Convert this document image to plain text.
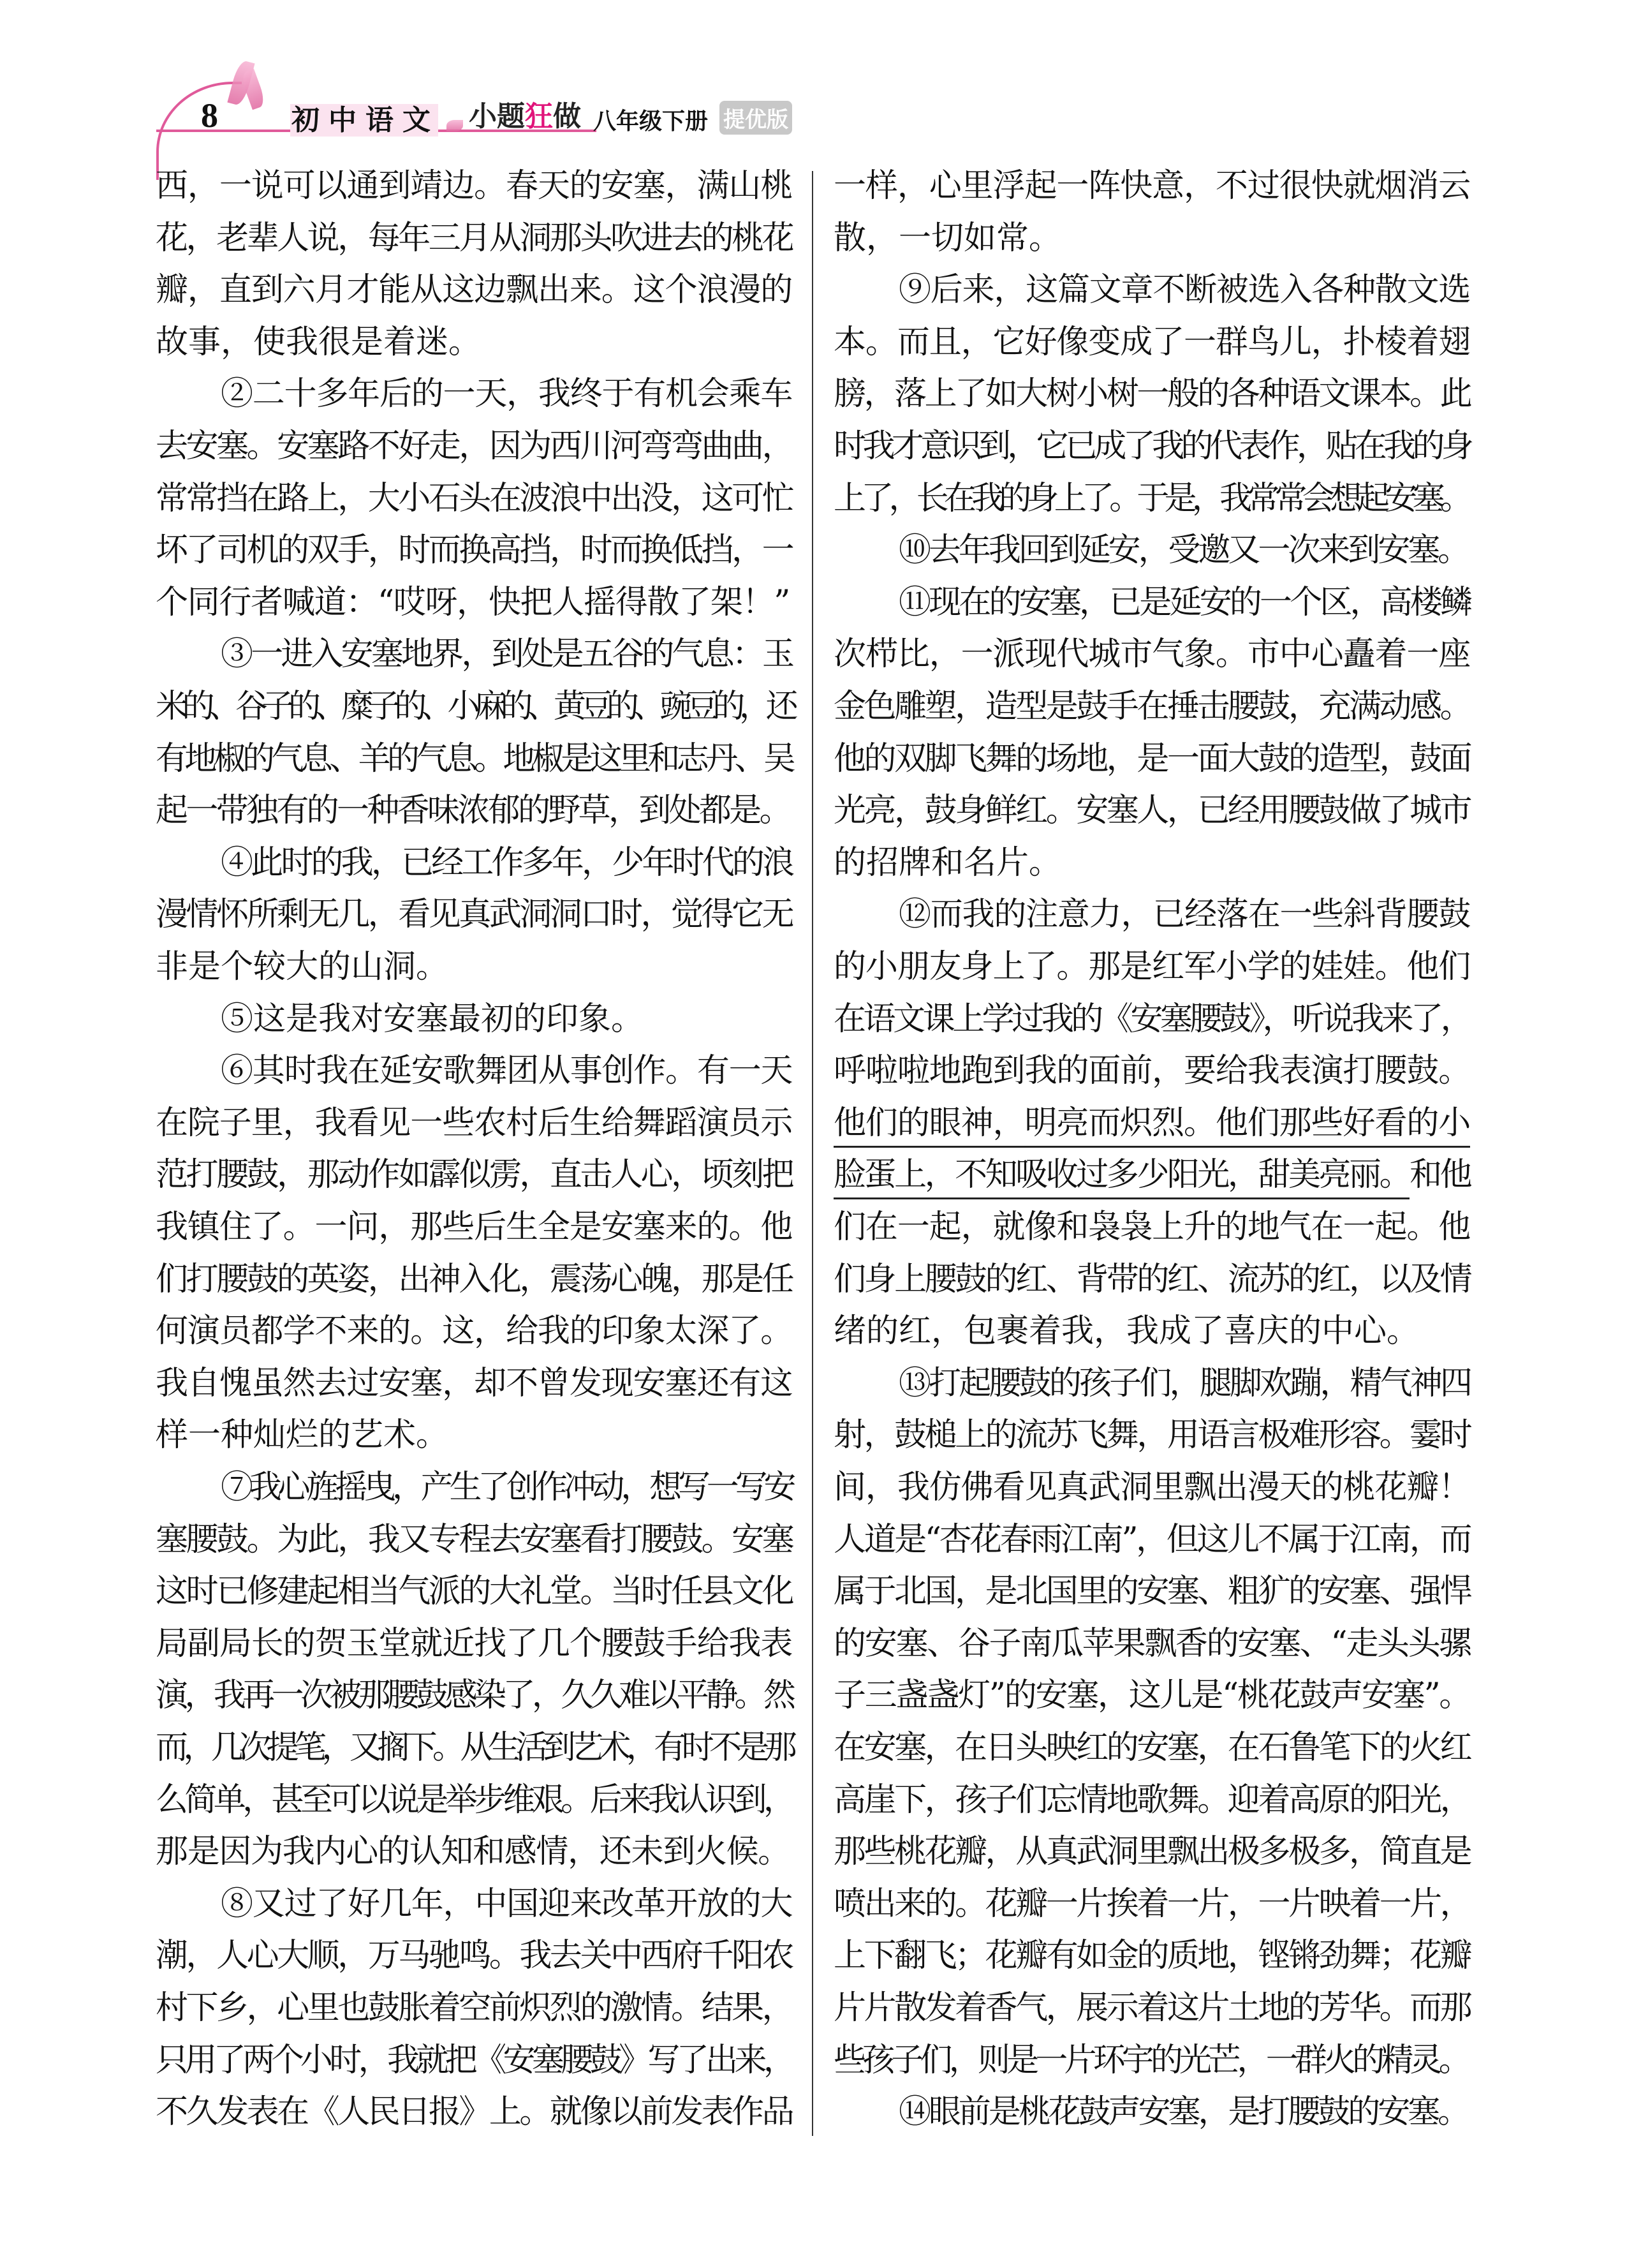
8	初中语文 小题狂做 八年级下册 提优版
西，一说可以通到靖边。春天的安塞，满山桃
花，老辈人说，每年三月从洞那头吹进去的桃花
瓣，直到六月才能从这边飘出来。这个浪漫的
故事，使我很是着迷。
②二十多年后的一天，我终于有机会乘车
去安塞。安塞路不好走，因为西川河弯弯曲曲，
常常挡在路上，大小石头在波浪中出没，这可忙
坏了司机的双手，时而换高挡，时而换低挡，一
个同行者喊道：“哎呀，快把人摇得散了架！”
③一进入安塞地界，到处是五谷的气息：玉
米的、谷子的、糜子的、小麻的、黄豆的、豌豆的，还
有地椒的气息、羊的气息。地椒是这里和志丹、吴
起一带独有的一种香味浓郁的野草，到处都是。
④此时的我，已经工作多年，少年时代的浪
漫情怀所剩无几，看见真武洞洞口时，觉得它无
非是个较大的山洞。
⑤这是我对安塞最初的印象。
⑥其时我在延安歌舞团从事创作。有一天
在院子里，我看见一些农村后生给舞蹈演员示
范打腰鼓，那动作如霹似雳，直击人心，顷刻把
我镇住了。一问，那些后生全是安塞来的。他
们打腰鼓的英姿，出神入化，震荡心魄，那是任
何演员都学不来的。这，给我的印象太深了。
我自愧虽然去过安塞，却不曾发现安塞还有这
样一种灿烂的艺术。
⑦我心旌摇曳，产生了创作冲动，想写一写安
塞腰鼓。为此，我又专程去安塞看打腰鼓。安塞
这时已修建起相当气派的大礼堂。当时任县文化
局副局长的贺玉堂就近找了几个腰鼓手给我表
演，我再一次被那腰鼓感染了，久久难以平静。然
而，几次提笔，又搁下。从生活到艺术，有时不是那
么简单，甚至可以说是举步维艰。后来我认识到，
那是因为我内心的认知和感情，还未到火候。
⑧又过了好几年，中国迎来改革开放的大
潮，人心大顺，万马驰鸣。我去关中西府千阳农
村下乡，心里也鼓胀着空前炽烈的激情。结果，
只用了两个小时，我就把《安塞腰鼓》写了出来，
不久发表在《人民日报》上。就像以前发表作品
一样，心里浮起一阵快意，不过很快就烟消云
散，一切如常。
⑨后来，这篇文章不断被选入各种散文选
本。而且，它好像变成了一群鸟儿，扑棱着翅
膀，落上了如大树小树一般的各种语文课本。此
时我才意识到，它已成了我的代表作，贴在我的身
上了，长在我的身上了。于是，我常常会想起安塞。
⑩去年我回到延安，受邀又一次来到安塞。
⑪现在的安塞，已是延安的一个区，高楼鳞
次栉比，一派现代城市气象。市中心矗着一座
金色雕塑，造型是鼓手在捶击腰鼓，充满动感。
他的双脚飞舞的场地，是一面大鼓的造型，鼓面
光亮，鼓身鲜红。安塞人，已经用腰鼓做了城市
的招牌和名片。
⑫而我的注意力，已经落在一些斜背腰鼓
的小朋友身上了。那是红军小学的娃娃。他们
在语文课上学过我的《安塞腰鼓》，听说我来了，
呼啦啦地跑到我的面前，要给我表演打腰鼓。
他们的眼神，明亮而炽烈。他们那些好看的小
脸蛋上，不知吸收过多少阳光，甜美亮丽。和他
们在一起，就像和袅袅上升的地气在一起。他
们身上腰鼓的红、背带的红、流苏的红，以及情
绪的红，包裹着我，我成了喜庆的中心。
⑬打起腰鼓的孩子们，腿脚欢蹦，精气神四
射，鼓槌上的流苏飞舞，用语言极难形容。霎时
间，我仿佛看见真武洞里飘出漫天的桃花瓣！
人道是“杏花春雨江南”，但这儿不属于江南，而
属于北国，是北国里的安塞、粗犷的安塞、强悍
的安塞、谷子南瓜苹果飘香的安塞、“走头头骡
子三盏盏灯”的安塞，这儿是“桃花鼓声安塞”。
在安塞，在日头映红的安塞，在石鲁笔下的火红
高崖下，孩子们忘情地歌舞。迎着高原的阳光，
那些桃花瓣，从真武洞里飘出极多极多，简直是
喷出来的。花瓣一片挨着一片，一片映着一片，
上下翻飞；花瓣有如金的质地，铿锵劲舞；花瓣
片片散发着香气，展示着这片土地的芳华。而那
些孩子们，则是一片环宇的光芒，一群火的精灵。
⑭眼前是桃花鼓声安塞，是打腰鼓的安塞。
